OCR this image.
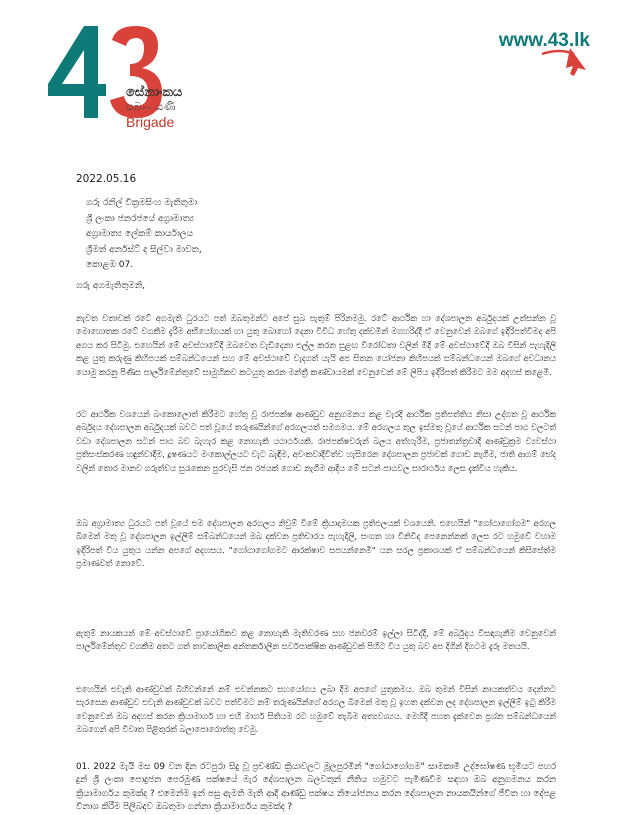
සේනාංකය
පබ෴ යණි
Brigade
www.43.lk
2022.05.16
ගරු රනිල් වික්‍රමසිංහ මැතිතුමා
ශ්‍රී ලංකා ජනරජයේ අග්‍රාමාත්‍ය
අග්‍රාමාත්‍ය ලේකම් කාර්යාලය
ශ්‍රීමත් අර්නස්ට් ද සිල්වා මාවත,
කොළඹ 07.
ගරු අගමැතිතුමනි,

නැවත වතාවක් රටේ අගමැති ධුරයට පත් ඔබතුමන්ට අපේ සුබ පැතුම් පිරිනමමු. රටේ ආර්ථික හා දේශපාලන අර්බුදයක් උත්සන්න වූ මොහොතක රටේ වගකීම දැරීම අභියෝගයක් හා යුතු බොහෝ දෙනා විවිධ හේතු දක්වමින් මගහරිද්දී ඒ වෙනුවෙන් ඔබගේ ඉදිරිපත්වීමද අපි අගය කර සිටිමු. එහෙයින් මේ අවස්ථාවේදී ඔබවෙත වැඩිදෙනා එල්ල කරන සුළඟ විරෝධතා වලින් මිදී මේ අවස්ථාවේදී ඔබ විසින් පැහැදිලි කළ යුතු කරුණු කිහිපයක් සම්බන්ධයෙන් සහ මේ අවස්ථාවේ වැදගත් යැයි අප සිතන යෝජනා කිහිපයක් සම්බන්ධයෙන් ඔබගේ අවධානය යොමු කරනු පිණිස පාර්ලිමේන්තුවේ සාමුහිකව කටයුතු කරන මන්ත්‍රී කණ්ඩායමක් වෙනුවෙන් මේ ලිපිය ඉදිරිපත් කිරීමට මම අදහස් කළෙමි.

රට ආර්ථික වශයෙන් බංකොලොත් කිරීමට හේතු වූ රාජපක්ෂ ආණ්ඩුව අනුගමනය කළ වැරදි ආර්ථික ප්‍රතිපත්තිය නිසා උද්ගත වූ ආර්ථික අර්බුදය දේශපාලන අර්බුදයක් බවට පත් වූයේ තරුණයින්ගේ අරගලයත් සමගමය. මේ අරගලය තුල ඉස්මතු වූයේ ආර්ථික සටන් පාඨ වලටත් වඩා දේශපාලන සටන් පාඨ බව බැහැර කළ නොහැකි යථාර්ථයකි. රාජපක්ෂවරුන් බලය අත්හැරීම, ප්‍රජාතන්ත්‍රවාදී ආණ්ඩුක්‍රම ව්‍යවස්ථා ප්‍රතිසංස්කරණ හඳුන්වාදීම, දූෂණයට මංකොල්ලයට වැට බැඳීම, අවංකවාදීවිත්ව හැසිරෙන දේශපාලන ප්‍රජාවක් ගොඩ නැගීම, ජාති ආගම් භේද වලින් තොර මානව ගරුත්වය සුරැකෙන පුරවැසි ජන රජයක් ගොඩ නැගීම ආදිය මේ සටන් පාඨවල සාරාර්ථය ලෙස දැක්විය හැකිය.

ඔබ අග්‍රාමාත්‍ය ධුරයට පත් වූයේ එම දේශපාලන අරගලය නිවුම් වීමේ ක්‍රියාදාමයක ප්‍රතිඵලයක් වශයෙනි. එහෙයින් "ගෝඨාගෝගම" අරගල බිමෙන් මතු වූ දේශපාලන ඉල්ලීම් සම්බන්ධයෙන් ඔබ දක්වන ප්‍රතිචාරය පැහැදිලි, සංගත හා විනිවිද පෙනෙන්නක් ලෙස රට හමුවේ වහාම ඉදිරිපත් විය යුතුය යන්න අපගේ අදහසය. "ගෝඨාගෝගමට ආරක්ෂාව සපයන්නෙමි" යන සරල ප්‍රකාශයක් ඒ සම්බන්ධයෙන් කිසිසේත්ම ප්‍රමාණවත් නොවේ.

ඇතුම් නායකයන් මේ අවස්ථාවේ ප්‍රායෝගිකව කළ නොහැකි මැතිවරණ සහ ජනවරම් ඉල්ලා සිටිද්දී, මේ අර්බුදය විසඳාගැනීම වෙනුවෙන් පාර්ලිමේන්තුව වගකීම අතට ගත් තාවකාලික අන්තර්කාලීන සර්වපාක්ෂික ආණ්ඩුවක් පිහිට විය යුතු බව අප දිගින් දිගටම දැරූ මතයයි.

එහෙයින් එවැනි ආණ්ඩුවක් බිහිවන්නේ නම් එවන්නකට සහයෝගය ලබා දීම අපගේ යුතුකමය. ඔබ තුමන් විසින් නායකත්වය දෙන්නට සැරසෙන ආණ්ඩුව එවැනි ආණ්ඩුවක් බවට පත්වීමට නම් තරුණයින්ගේ අරගල බිමෙන් මතු වූ ඉහත දක්වන ලද දේශපාලන ඉල්ලීම් ඉටු කිරීම වෙනුවෙන් ඔබ අදහස් කරන ක්‍රියාමාර්ග හා එහි මාර්ග සිතියම රට හමුවේ තැබීම අත්‍යවශ්‍යය. මෙහිදී පහත දැක්වෙන ප්‍රශ්න සම්බන්ධයෙන් ඔබගෙන් අපි විවෘත පිළිතුරක් බලාපොරොත්තු වෙමු.

01. 2022 මැයි මස 09 වන දින රටපුරා සිදු වූ ප්‍රචණ්ඩ ක්‍රියාවලට මූලපුරමින් "ගෝඨාගෝගම" සාමකාමී උද්ඝෝෂණ භූමියට පහර දුන් ශ්‍රී ලංකා පොදුජන පෙරමුණ පක්ෂයේ මැර දේශපාලන බලවතුන් නීතිය හමුවට පැමිණවීම සඳහා ඔබ අනුගමනය කරන ක්‍රියාමාර්ගය කුමක්ද ? එමෙන්ම ඉන් පසු ඇමති මැති ආදී ආණ්ඩු පක්ෂය නියෝජනය කරන දේශපාලන නායකයින්ගේ ජීවිත හා දේපළ විනාශ කිරීම පිලිබඳව ඔබතුමා ගන්නා ක්‍රියාමාර්ගය කුමක්ද ?
